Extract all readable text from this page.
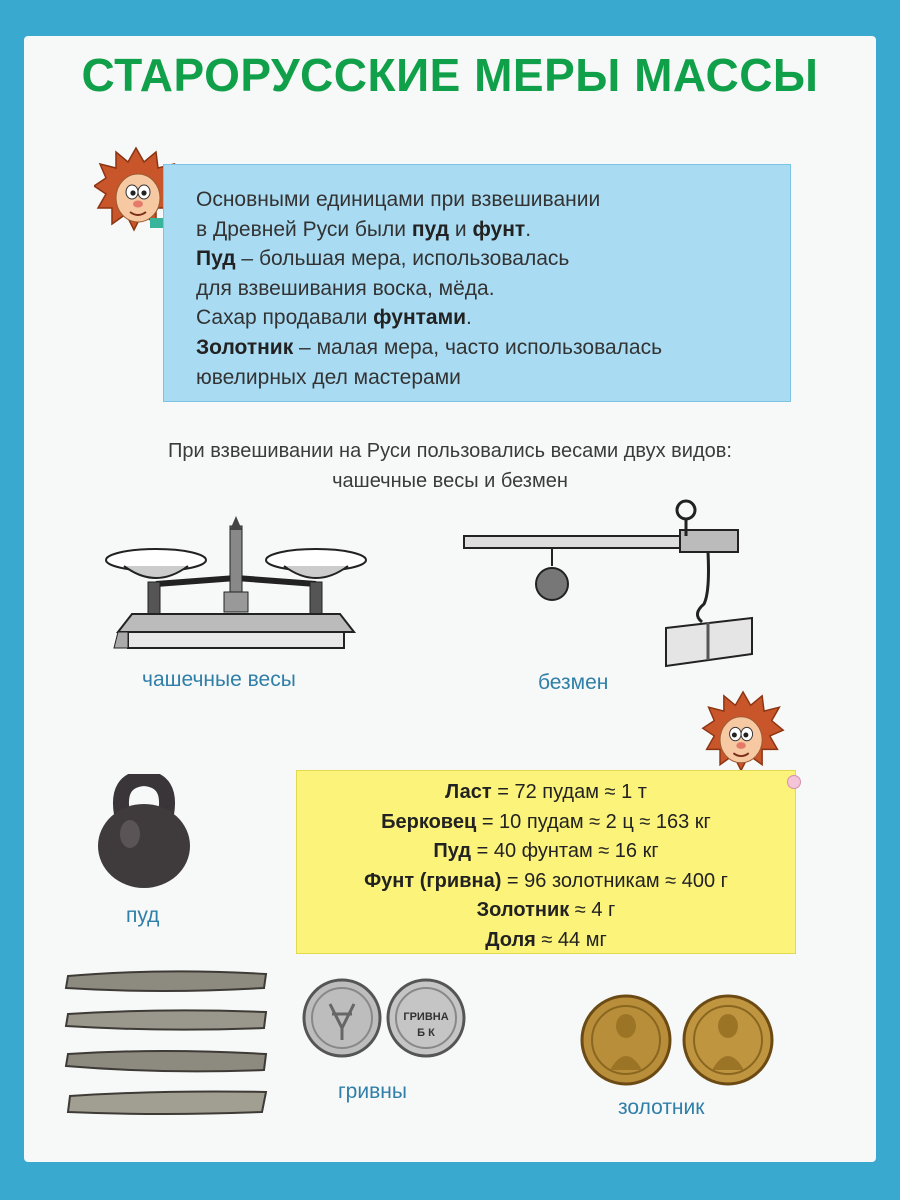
СТАРОРУССКИЕ МЕРЫ МАССЫ

Основными единицами при взвешивании

в Древней Руси были пуд и фунт.

Пуд – большая мера, использовалась

для взвешивания воска, мёда.

Сахар продавали фунтами.

Золотник – малая мера, часто использовалась

ювелирных дел мастерами

При взвешивании на Руси пользовались весами двух видов:
чашечные весы и безмен
чашечные весы	безмен
пуд
Ласт = 72 пудам ≈ 1 т
Берковец = 10 пудам ≈ 2 ц ≈ 163 кг
Пуд = 40 фунтам ≈ 16 кг
Фунт (гривна) = 96 золотникам ≈ 400 г
Золотник ≈ 4 г
Доля ≈ 44 мг
ГРИВНА
Б К
гривны
золотник
